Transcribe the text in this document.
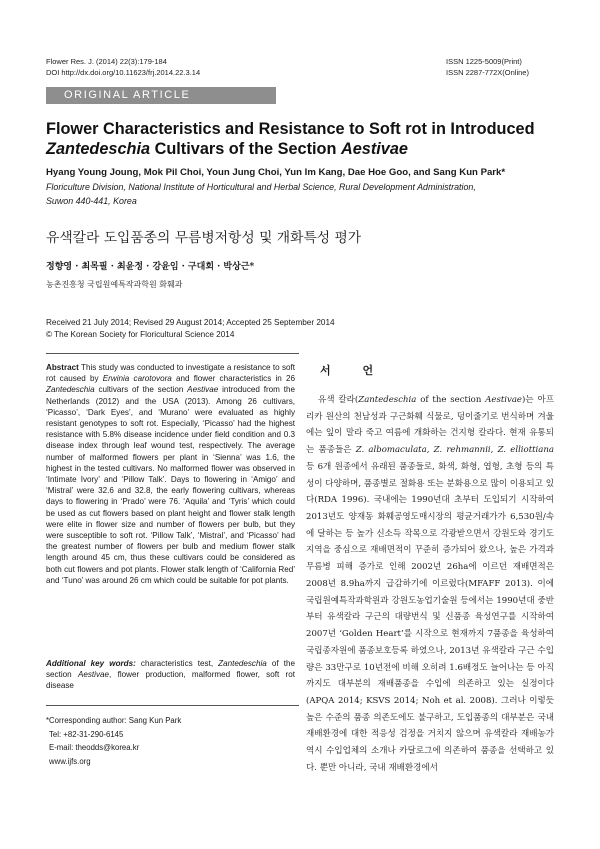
Flower Res. J. (2014) 22(3):179-184
DOI http://dx.doi.org/10.11623/frj.2014.22.3.14
ISSN 1225-5009(Print)
ISSN 2287-772X(Online)
ORIGINAL ARTICLE
Flower Characteristics and Resistance to Soft rot in Introduced
Zantedeschia Cultivars of the Section Aestivae
Hyang Young Joung, Mok Pil Choi, Youn Jung Choi, Yun Im Kang, Dae Hoe Goo, and Sang Kun Park*
Floriculture Division, National Institute of Horticultural and Herbal Science, Rural Development Administration,
Suwon 440-441, Korea
유색칼라 도입품종의 무름병저항성 및 개화특성 평가
정향영 · 최목필 · 최윤정 · 강윤임 · 구대회 · 박상근*
농촌진흥청 국립원예특작과학원 화훼과
Received 21 July 2014; Revised 29 August 2014; Accepted 25 September 2014
© The Korean Society for Floricultural Science 2014
Abstract This study was conducted to investigate a resistance to soft rot caused by Erwinia carotovora and flower characteristics in 26 Zantedeschia cultivars of the section Aestivae introduced from the Netherlands (2012) and the USA (2013). Among 26 cultivars, ‘Picasso’, ‘Dark Eyes’, and ‘Murano’ were evaluated as highly resistant genotypes to soft rot. Especially, ‘Picasso’ had the highest resistance with 5.8% disease incidence under field condition and 0.3 disease index through leaf wound test, respectively. The average number of malformed flowers per plant in ‘Sienna’ was 1.6, the highest in the tested cultivars. No malformed flower was observed in ‘Intimate Ivory’ and ‘Pillow Talk’. Days to flowering in ‘Amigo’ and ‘Mistral’ were 32.6 and 32.8, the early flowering cultivars, whereas days to flowering in ‘Prado’ were 76. ‘Aquila’ and ‘Tyris’ which could be used as cut flowers based on plant height and flower stalk length were elite in flower size and number of flowers per bulb, but they were susceptible to soft rot. ‘Pillow Talk’, ‘Mistral’, and ‘Picasso’ had the greatest number of flowers per bulb and medium flower stalk length around 45 cm, thus these cultivars could be considered as both cut flowers and pot plants. Flower stalk length of ‘California Red’ and ‘Tuno’ was around 26 cm which could be suitable for pot plants.
Additional key words: characteristics test, Zantedeschia of the section Aestivae, flower production, malformed flower, soft rot disease
*Corresponding author: Sang Kun Park
Tel: +82-31-290-6145
E-mail: theodds@korea.kr
www.ijfs.org
서 언

유색 칼라(Zantedeschia of the section Aestivae)는 아프리카 원산의 천남성과 구근화훼 식물로, 덩이줄기로 번식하며 겨울에는 잎이 말라 죽고 여름에 개화하는 건지형 칼라다. 현재 유통되는 품종들은 Z. albomaculata, Z. rehmannii, Z. elliottiana 등 6개 원종에서 유래된 품종들로, 화색, 화형, 엽형, 초형 등의 특성이 다양하며, 품종별로 절화용 또는 분화용으로 많이 이용되고 있다(RDA 1996). 국내에는 1990년대 초부터 도입되기 시작하여 2013년도 양재동 화훼공영도매시장의 평균거래가가 6,530원/속에 달하는 등 높가 신소득 작목으로 각광받으면서 강원도와 경기도 지역을 중심으로 재배면적이 꾸준히 증가되어 왔으나, 높은 가격과 무름병 피해 증가로 인해 2002년 26ha에 이르던 재배면적은 2008년 8.9ha까지 급감하기에 이르렀다(MFAFF 2013). 이에 국립원예특작과학원과 강원도농업기술원 등에서는 1990년대 중반부터 유색칼라 구근의 대량번식 및 신품종 육성연구를 시작하여 2007년 ‘Golden Heart’를 시작으로 현재까지 7품종을 육성하여 국립종자원에 품종보호등록 하였으나, 2013년 유색칼라 구근 수입량은 33만구로 10년전에 비해 오히려 1.6배정도 늘어나는 등 아직까지도 대부분의 재배품종을 수입에 의존하고 있는 실정이다(APQA 2014; KSVS 2014; Noh et al. 2008). 그러나 이렇듯 높은 수준의 품종 의존도에도 불구하고, 도입품종의 대부분은 국내 재배환경에 대한 적응성 검정을 거치지 않으며 유색칼라 재배농가 역시 수입업체의 소개나 카달로그에 의존하여 품종을 선택하고 있다. 뿐만 아니라, 국내 재배환경에서
